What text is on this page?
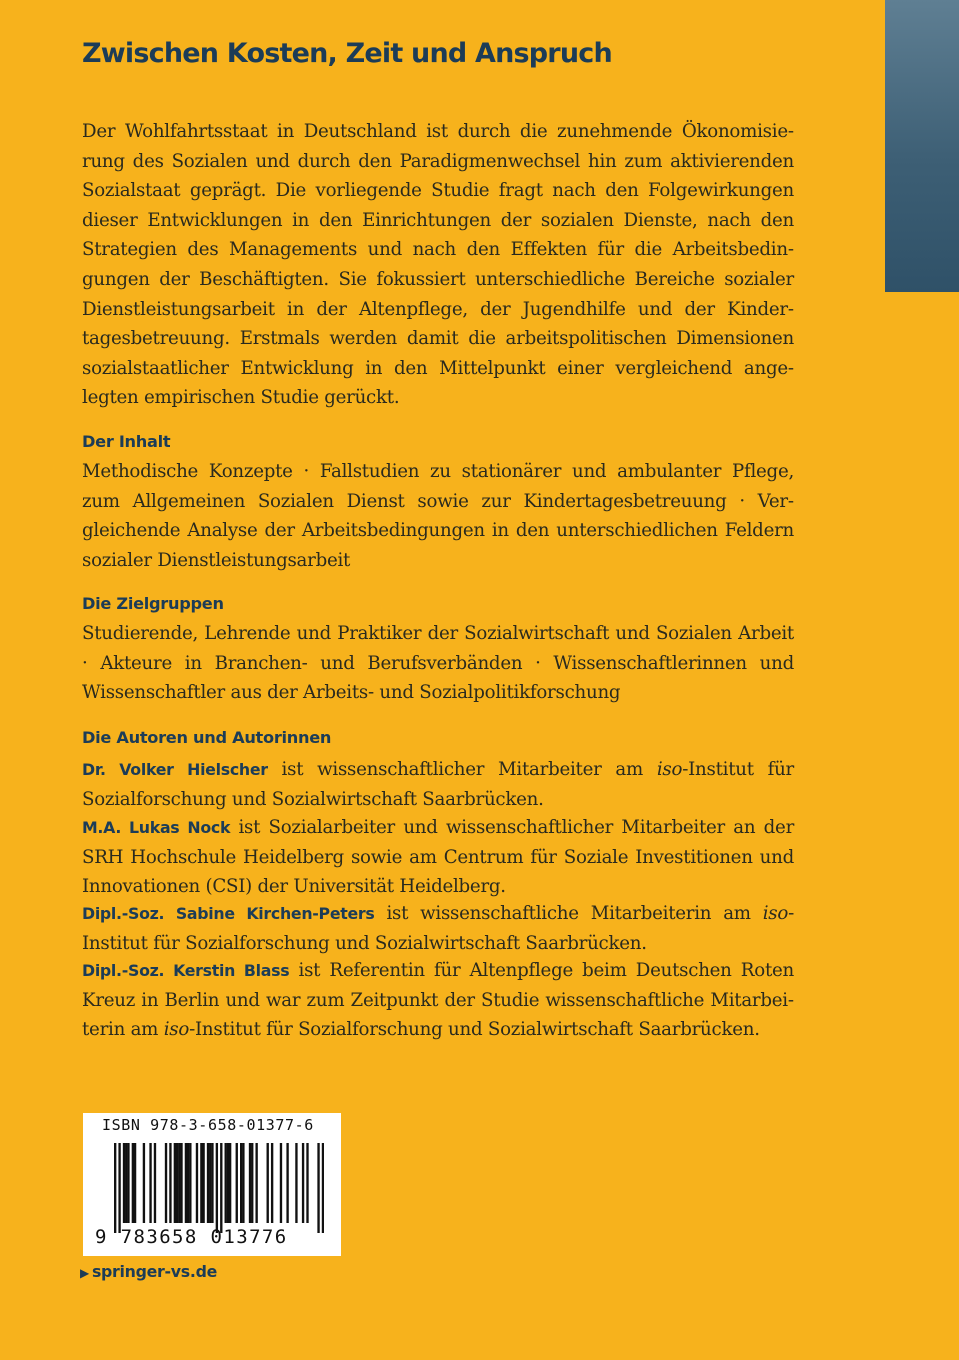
Zwischen Kosten, Zeit und Anspruch
Der Wohlfahrtsstaat in Deutschland ist durch die zunehmende Ökonomisierung des Sozialen und durch den Paradigmenwechsel hin zum aktivierenden Sozialstaat geprägt. Die vorliegende Studie fragt nach den Folgewirkungen dieser Entwicklungen in den Einrichtungen der sozialen Dienste, nach den Strategien des Managements und nach den Effekten für die Arbeitsbedingungen der Beschäftigten. Sie fokussiert unterschiedliche Bereiche sozialer Dienstleistungsarbeit in der Altenpflege, der Jugendhilfe und der Kindertagesbetreuung. Erstmals werden damit die arbeitspolitischen Dimensionen sozialstaatlicher Entwicklung in den Mittelpunkt einer vergleichend angelegten empirischen Studie gerückt.
Der Inhalt
Methodische Konzepte · Fallstudien zu stationärer und ambulanter Pflege, zum Allgemeinen Sozialen Dienst sowie zur Kindertagesbetreuung · Vergleichende Analyse der Arbeitsbedingungen in den unterschiedlichen Feldern sozialer Dienstleistungsarbeit
Die Zielgruppen
Studierende, Lehrende und Praktiker der Sozialwirtschaft und Sozialen Arbeit · Akteure in Branchen- und Berufsverbänden · Wissenschaftlerinnen und Wissenschaftler aus der Arbeits- und Sozialpolitikforschung
Die Autoren und Autorinnen
Dr. Volker Hielscher ist wissenschaftlicher Mitarbeiter am iso-Institut für Sozialforschung und Sozialwirtschaft Saarbrücken.
M.A. Lukas Nock ist Sozialarbeiter und wissenschaftlicher Mitarbeiter an der SRH Hochschule Heidelberg sowie am Centrum für Soziale Investitionen und Innovationen (CSI) der Universität Heidelberg.
Dipl.-Soz. Sabine Kirchen-Peters ist wissenschaftliche Mitarbeiterin am iso-Institut für Sozialforschung und Sozialwirtschaft Saarbrücken.
Dipl.-Soz. Kerstin Blass ist Referentin für Altenpflege beim Deutschen Roten Kreuz in Berlin und war zum Zeitpunkt der Studie wissenschaftliche Mitarbeiterin am iso-Institut für Sozialforschung und Sozialwirtschaft Saarbrücken.
ISBN 978-3-658-01377-6
9 783658 013776
▶ springer-vs.de
